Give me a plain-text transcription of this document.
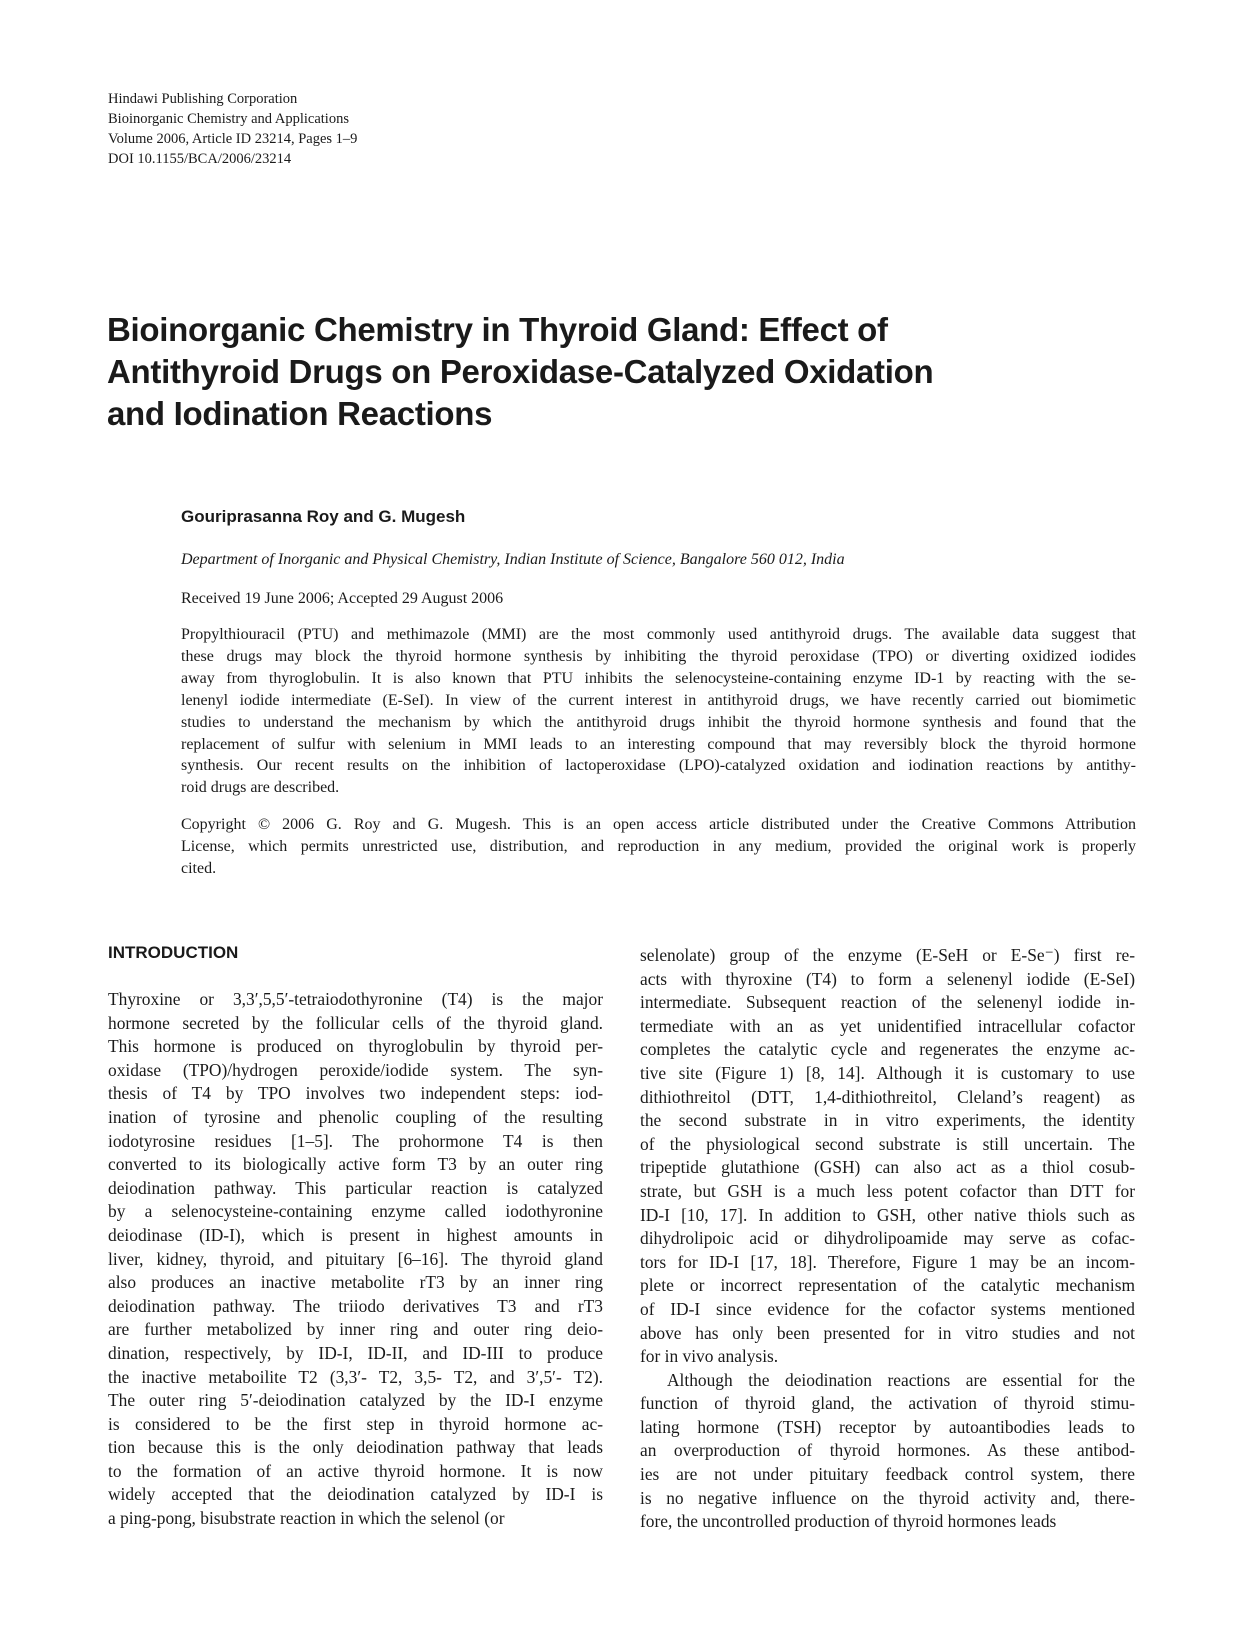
Hindawi Publishing Corporation
Bioinorganic Chemistry and Applications
Volume 2006, Article ID 23214, Pages 1–9
DOI 10.1155/BCA/2006/23214
Bioinorganic Chemistry in Thyroid Gland: Effect of
Antithyroid Drugs on Peroxidase-Catalyzed Oxidation
and Iodination Reactions
Gouriprasanna Roy and G. Mugesh
Department of Inorganic and Physical Chemistry, Indian Institute of Science, Bangalore 560 012, India
Received 19 June 2006; Accepted 29 August 2006
Propylthiouracil (PTU) and methimazole (MMI) are the most commonly used antithyroid drugs. The available data suggest that
these drugs may block the thyroid hormone synthesis by inhibiting the thyroid peroxidase (TPO) or diverting oxidized iodides
away from thyroglobulin. It is also known that PTU inhibits the selenocysteine-containing enzyme ID-1 by reacting with the se-
lenenyl iodide intermediate (E-SeI). In view of the current interest in antithyroid drugs, we have recently carried out biomimetic
studies to understand the mechanism by which the antithyroid drugs inhibit the thyroid hormone synthesis and found that the
replacement of sulfur with selenium in MMI leads to an interesting compound that may reversibly block the thyroid hormone
synthesis. Our recent results on the inhibition of lactoperoxidase (LPO)-catalyzed oxidation and iodination reactions by antithy-
roid drugs are described.
Copyright © 2006 G. Roy and G. Mugesh. This is an open access article distributed under the Creative Commons Attribution
License, which permits unrestricted use, distribution, and reproduction in any medium, provided the original work is properly
cited.
INTRODUCTION
Thyroxine or 3,3′,5,5′-tetraiodothyronine (T4) is the major
hormone secreted by the follicular cells of the thyroid gland.
This hormone is produced on thyroglobulin by thyroid per-
oxidase (TPO)/hydrogen peroxide/iodide system. The syn-
thesis of T4 by TPO involves two independent steps: iod-
ination of tyrosine and phenolic coupling of the resulting
iodotyrosine residues [1–5]. The prohormone T4 is then
converted to its biologically active form T3 by an outer ring
deiodination pathway. This particular reaction is catalyzed
by a selenocysteine-containing enzyme called iodothyronine
deiodinase (ID-I), which is present in highest amounts in
liver, kidney, thyroid, and pituitary [6–16]. The thyroid gland
also produces an inactive metabolite rT3 by an inner ring
deiodination pathway. The triiodo derivatives T3 and rT3
are further metabolized by inner ring and outer ring deio-
dination, respectively, by ID-I, ID-II, and ID-III to produce
the inactive metaboilite T2 (3,3′- T2, 3,5- T2, and 3′,5′- T2).
The outer ring 5′-deiodination catalyzed by the ID-I enzyme
is considered to be the first step in thyroid hormone ac-
tion because this is the only deiodination pathway that leads
to the formation of an active thyroid hormone. It is now
widely accepted that the deiodination catalyzed by ID-I is
a ping-pong, bisubstrate reaction in which the selenol (or
selenolate) group of the enzyme (E-SeH or E-Se⁻) first re-
acts with thyroxine (T4) to form a selenenyl iodide (E-SeI)
intermediate. Subsequent reaction of the selenenyl iodide in-
termediate with an as yet unidentified intracellular cofactor
completes the catalytic cycle and regenerates the enzyme ac-
tive site (Figure 1) [8, 14]. Although it is customary to use
dithiothreitol (DTT, 1,4-dithiothreitol, Cleland’s reagent) as
the second substrate in in vitro experiments, the identity
of the physiological second substrate is still uncertain. The
tripeptide glutathione (GSH) can also act as a thiol cosub-
strate, but GSH is a much less potent cofactor than DTT for
ID-I [10, 17]. In addition to GSH, other native thiols such as
dihydrolipoic acid or dihydrolipoamide may serve as cofac-
tors for ID-I [17, 18]. Therefore, Figure 1 may be an incom-
plete or incorrect representation of the catalytic mechanism
of ID-I since evidence for the cofactor systems mentioned
above has only been presented for in vitro studies and not
for in vivo analysis.
Although the deiodination reactions are essential for the
function of thyroid gland, the activation of thyroid stimu-
lating hormone (TSH) receptor by autoantibodies leads to
an overproduction of thyroid hormones. As these antibod-
ies are not under pituitary feedback control system, there
is no negative influence on the thyroid activity and, there-
fore, the uncontrolled production of thyroid hormones leads
